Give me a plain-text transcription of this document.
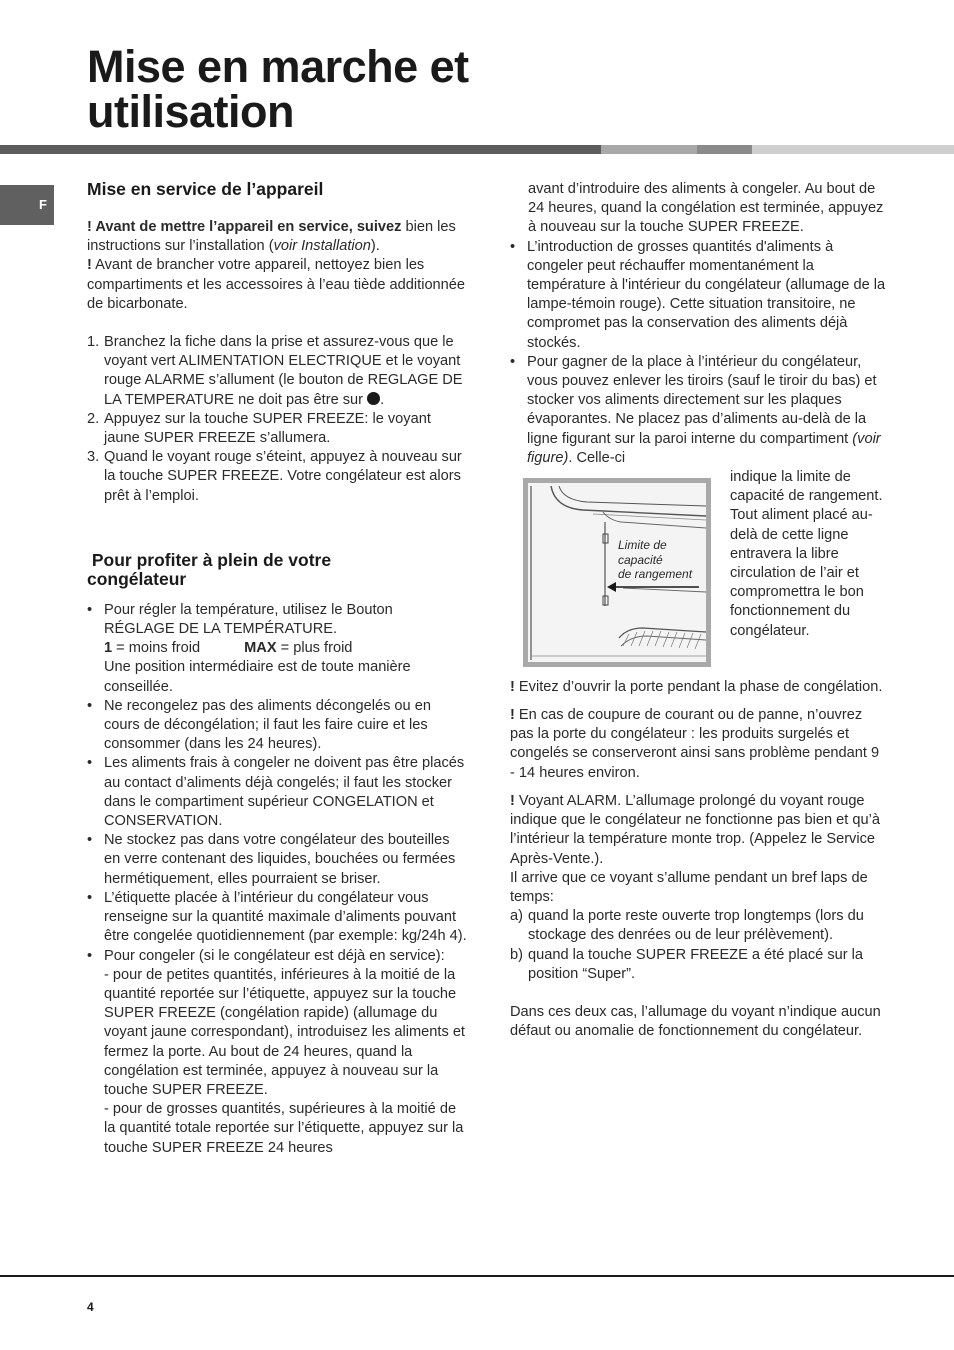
Mise en marche et
utilisation
F

Mise en service de l’appareil

! Avant de mettre l’appareil en service, suivez bien les instructions sur l’installation (voir Installation).

! Avant de brancher votre appareil, nettoyez bien les compartiments et les accessoires à l’eau tiède additionnée de bicarbonate.

1. Branchez la fiche dans la prise et assurez-vous que le voyant vert ALIMENTATION ELECTRIQUE et le voyant rouge ALARME s’allument (le bouton de REGLAGE DE LA TEMPERATURE ne doit pas être sur .
2. Appuyez sur la touche SUPER FREEZE: le voyant jaune SUPER FREEZE s’allumera.
3. Quand le voyant rouge s’éteint, appuyez à nouveau sur la touche SUPER FREEZE. Votre congélateur est alors prêt à l’emploi.

Pour profiter à plein de votre
congélateur

• Pour régler la température, utilisez le Bouton RÉGLAGE DE LA TEMPÉRATURE.
1 = moins froid	MAX = plus froid
Une position intermédiaire est de toute manière conseillée.
• Ne recongelez pas des aliments décongelés ou en cours de décongélation; il faut les faire cuire et les consommer (dans les 24 heures).
• Les aliments frais à congeler ne doivent pas être placés au contact d’aliments déjà congelés; il faut les stocker dans le compartiment supérieur CONGELATION et CONSERVATION.
• Ne stockez pas dans votre congélateur des bouteilles en verre contenant des liquides, bouchées ou fermées hermétiquement, elles pourraient se briser.
• L’étiquette placée à l’intérieur du congélateur vous renseigne sur la quantité maximale d’aliments pouvant être congelée quotidiennement (par exemple: kg/24h 4).
• Pour congeler (si le congélateur est déjà en service):
- pour de petites quantités, inférieures à la moitié de la quantité reportée sur l’étiquette, appuyez sur la touche SUPER FREEZE (congélation rapide) (allumage du voyant jaune correspondant), introduisez les aliments et fermez la porte. Au bout de 24 heures, quand la congélation est terminée, appuyez à nouveau sur la touche SUPER FREEZE.
- pour de grosses quantités, supérieures à la moitié de la quantité totale reportée sur l’étiquette, appuyez sur la touche SUPER FREEZE 24 heures

avant d’introduire des aliments à congeler. Au bout de 24 heures, quand la congélation est terminée, appuyez à nouveau sur la touche SUPER FREEZE.

• L’introduction de grosses quantités d'aliments à congeler peut réchauffer momentanément la température à l'intérieur du congélateur (allumage de la lampe-témoin rouge). Cette situation transitoire, ne compromet pas la conservation des aliments déjà stockés.
• Pour gagner de la place à l’intérieur du congélateur, vous pouvez enlever les tiroirs (sauf le tiroir du bas) et stocker vos aliments directement sur les plaques évaporantes. Ne placez pas d’aliments au-delà de la ligne figurant sur la paroi interne du compartiment (voir figure). Celle-ci

indique la limite de capacité de rangement. Tout aliment placé au-delà de cette ligne entravera la libre circulation de l’air et compromettra le bon fonctionnement du congélateur.

! Evitez d’ouvrir la porte pendant la phase de congélation.

! En cas de coupure de courant ou de panne, n’ouvrez pas la porte du congélateur : les produits surgelés et congelés se conserveront ainsi sans problème pendant 9 - 14 heures environ.

! Voyant ALARM. L’allumage prolongé du voyant rouge indique que le congélateur ne fonctionne pas bien et qu’à l’intérieur la température monte trop. (Appelez le Service Après-Vente.).

Il arrive que ce voyant s’allume pendant un bref laps de temps:

a) quand la porte reste ouverte trop longtemps (lors du stockage des denrées ou de leur prélèvement).
b) quand la touche SUPER FREEZE a été placé sur la position “Super”.

Dans ces deux cas, l’allumage du voyant n’indique aucun défaut ou anomalie de fonctionnement du congélateur.

Limite de
capacité
de rangement
4
